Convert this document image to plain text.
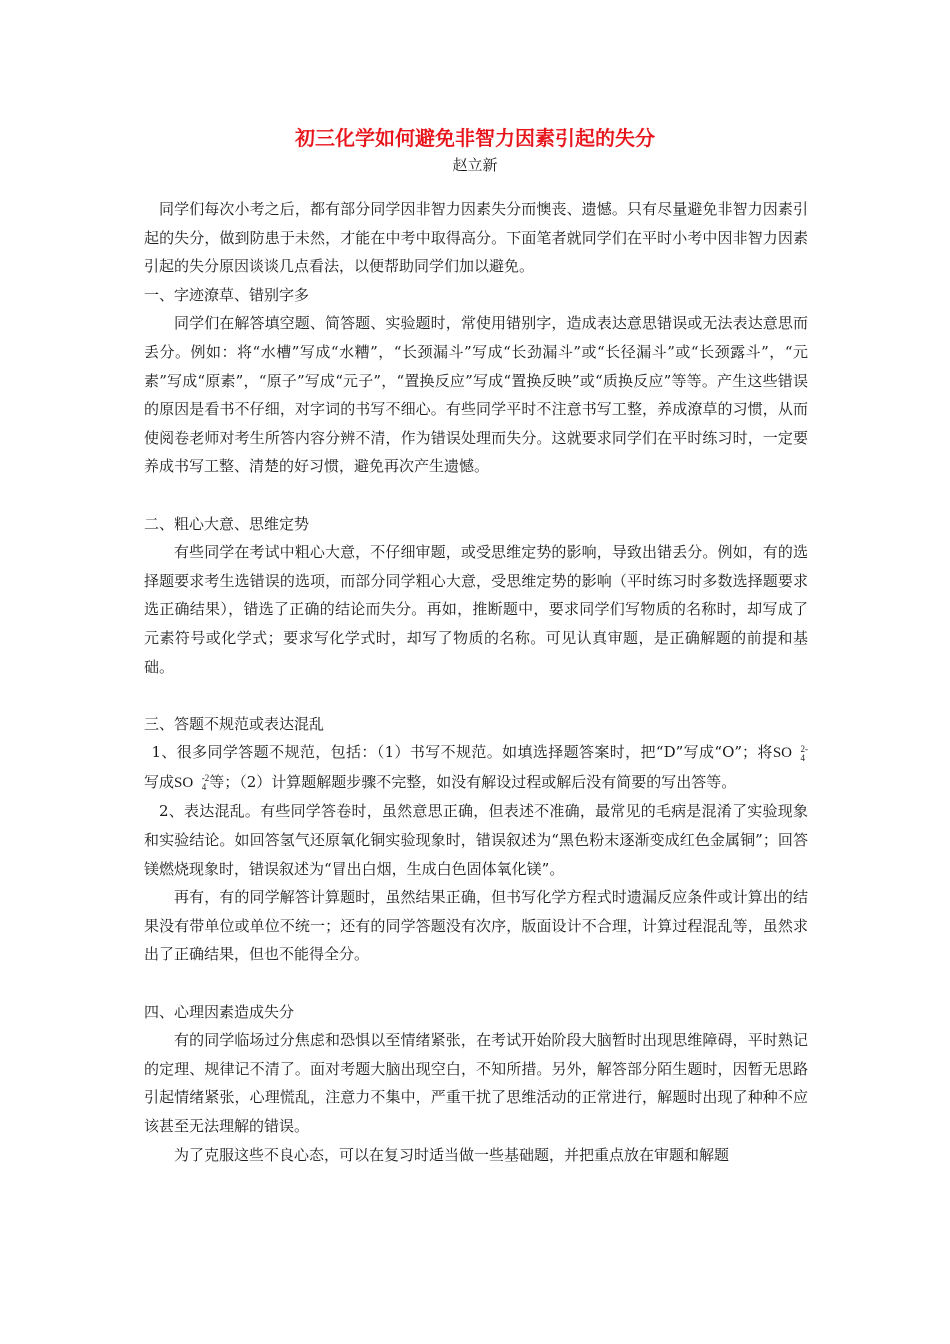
初三化学如何避免非智力因素引起的失分
赵立新

同学们每次小考之后，都有部分同学因非智力因素失分而懊丧、遗憾。只有尽量避免非智力因素引起的失分，做到防患于未然，才能在中考中取得高分。下面笔者就同学们在平时小考中因非智力因素引起的失分原因谈谈几点看法，以便帮助同学们加以避免。

一、字迹潦草、错别字多

同学们在解答填空题、简答题、实验题时，常使用错别字，造成表达意思错误或无法表达意思而丢分。例如：将“水槽”写成“水糟”，“长颈漏斗”写成“长劲漏斗”或“长径漏斗”或“长颈露斗”，“元素”写成“原素”，“原子”写成“元子”，“置换反应”写成“置换反映”或“质换反应”等等。产生这些错误的原因是看书不仔细，对字词的书写不细心。有些同学平时不注意书写工整，养成潦草的习惯，从而使阅卷老师对考生所答内容分辨不清，作为错误处理而失分。这就要求同学们在平时练习时，一定要养成书写工整、清楚的好习惯，避免再次产生遗憾。

二、粗心大意、思维定势

有些同学在考试中粗心大意，不仔细审题，或受思维定势的影响，导致出错丢分。例如，有的选择题要求考生选错误的选项，而部分同学粗心大意，受思维定势的影响（平时练习时多数选择题要求选正确结果），错选了正确的结论而失分。再如，推断题中，要求同学们写物质的名称时，却写成了元素符号或化学式；要求写化学式时，却写了物质的名称。可见认真审题，是正确解题的前提和基础。

三、答题不规范或表达混乱

1、很多同学答题不规范，包括：（1）书写不规范。如填选择题答案时，把“D”写成“O”；将SO 2-
4
写成SO -2
4 等；（2）计算题解题步骤不完整，如没有解设过程或解后没有简要的写出答等。

2、表达混乱。有些同学答卷时，虽然意思正确，但表述不准确，最常见的毛病是混淆了实验现象和实验结论。如回答氢气还原氧化铜实验现象时，错误叙述为“黑色粉末逐渐变成红色金属铜”；回答镁燃烧现象时，错误叙述为“冒出白烟，生成白色固体氧化镁”。

再有，有的同学解答计算题时，虽然结果正确，但书写化学方程式时遗漏反应条件或计算出的结果没有带单位或单位不统一；还有的同学答题没有次序，版面设计不合理，计算过程混乱等，虽然求出了正确结果，但也不能得全分。

四、心理因素造成失分

有的同学临场过分焦虑和恐惧以至情绪紧张，在考试开始阶段大脑暂时出现思维障碍，平时熟记的定理、规律记不清了。面对考题大脑出现空白，不知所措。另外，解答部分陌生题时，因暂无思路引起情绪紧张，心理慌乱，注意力不集中，严重干扰了思维活动的正常进行，解题时出现了种种不应该甚至无法理解的错误。

为了克服这些不良心态，可以在复习时适当做一些基础题，并把重点放在审题和解题
